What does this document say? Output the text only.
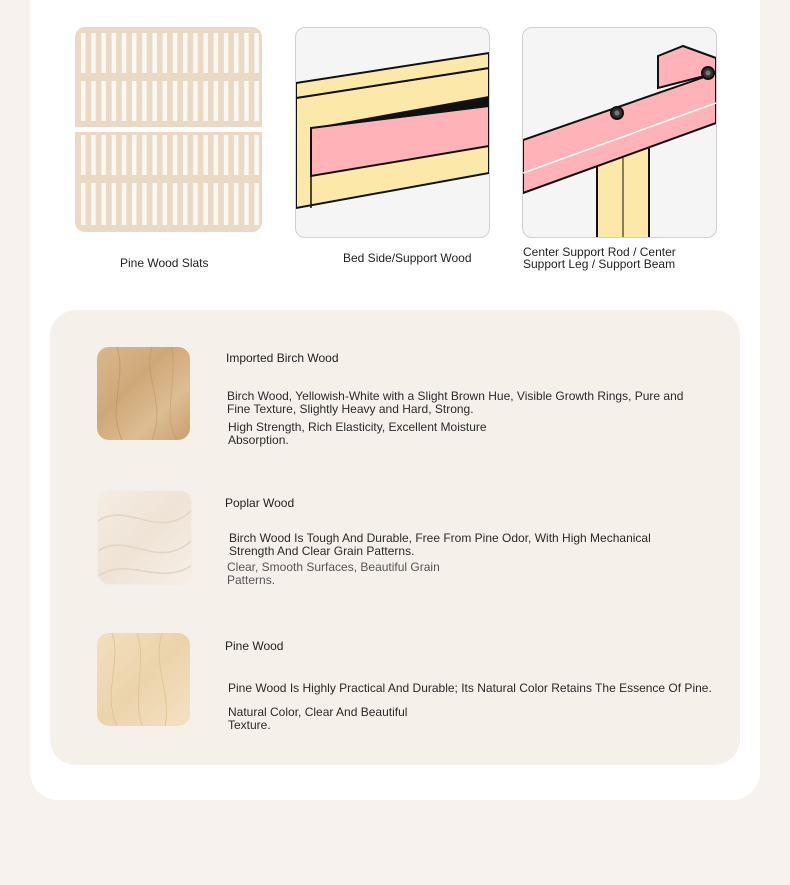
Pine Wood Slats	Bed Side/Support Wood	Center Support Rod / Center Support Leg / Support Beam
Imported Birch Wood
Birch Wood, Yellowish-White with a Slight Brown Hue, Visible Growth Rings, Pure and Fine Texture, Slightly Heavy and Hard, Strong.
High Strength, Rich Elasticity, Excellent Moisture Absorption.
Poplar Wood
Birch Wood Is Tough And Durable, Free From Pine Odor, With High Mechanical Strength And Clear Grain Patterns.
Clear, Smooth Surfaces, Beautiful Grain Patterns.
Pine Wood
Pine Wood Is Highly Practical And Durable; Its Natural Color Retains The Essence Of Pine.
Natural Color, Clear And Beautiful Texture.
